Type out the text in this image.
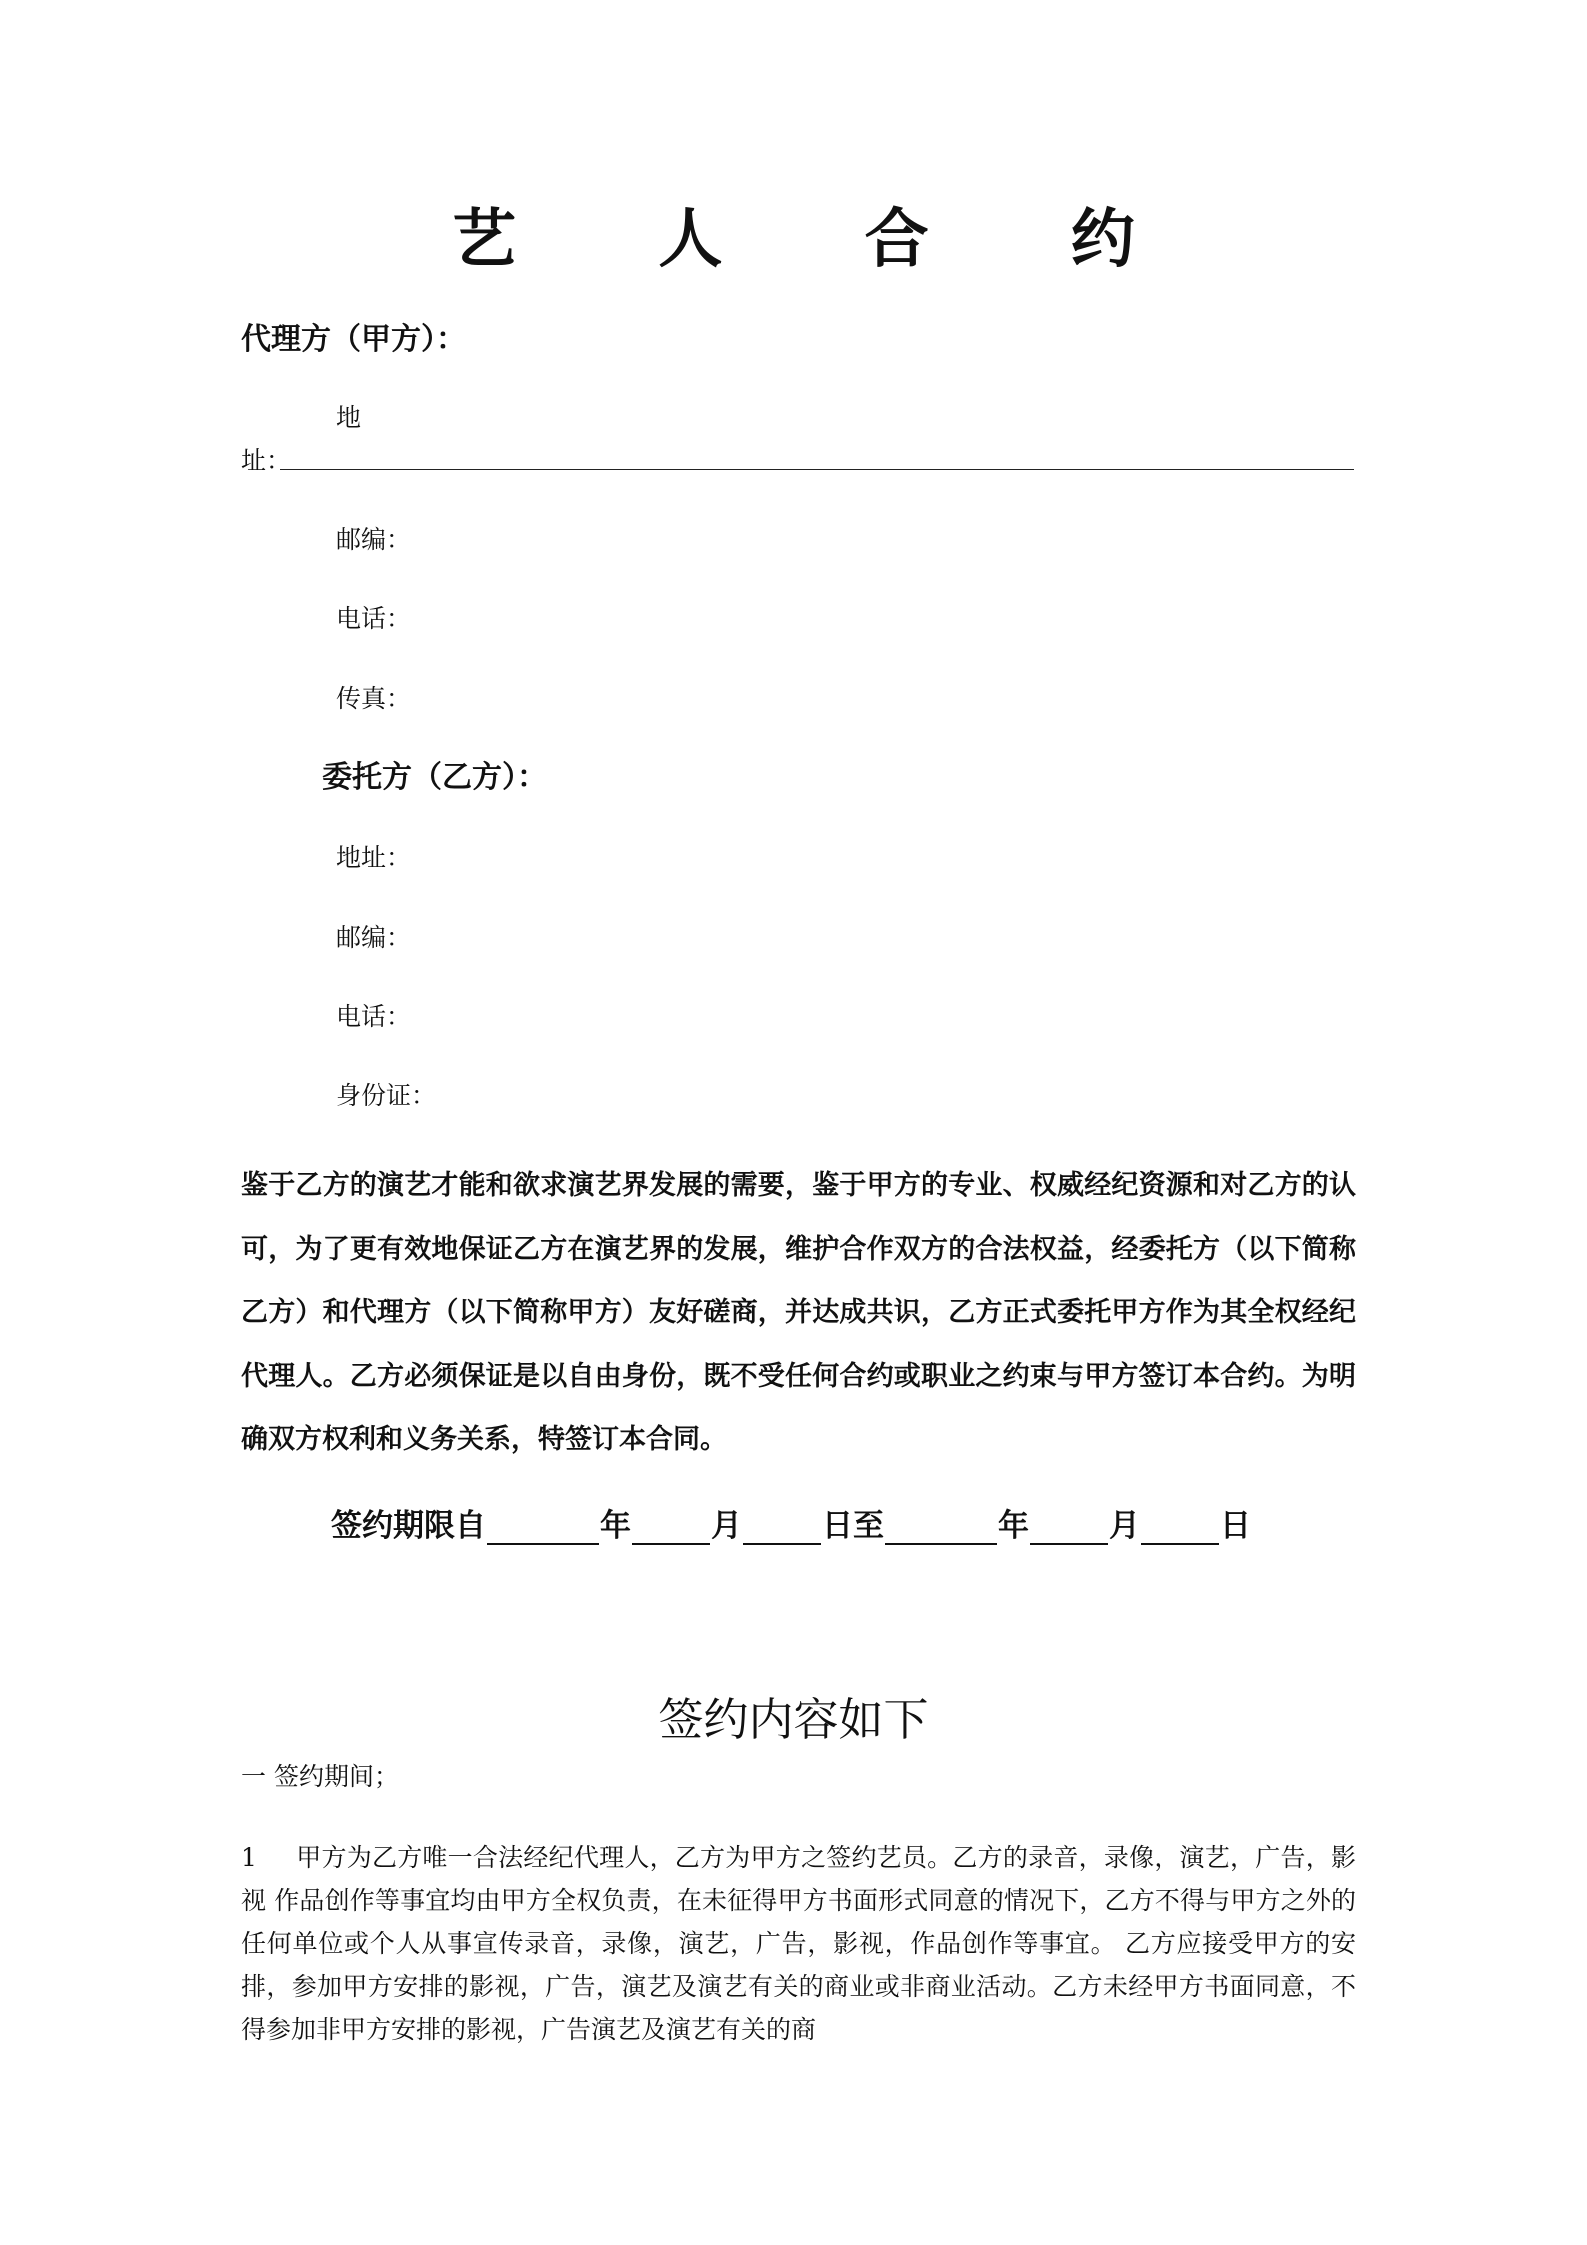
艺 人 合 约
代理方（甲方）：
地
址：
邮编：
电话：
传真：
委托方（乙方）：
地址：
邮编：
电话：
身份证：
鉴于乙方的演艺才能和欲求演艺界发展的需要，鉴于甲方的专业、权威经纪资源和对乙方的认可，为了更有效地保证乙方在演艺界的发展，维护合作双方的合法权益，经委托方（以下简称乙方）和代理方（以下简称甲方）友好磋商，并达成共识，乙方正式委托甲方作为其全权经纪代理人。乙方必须保证是以自由身份，既不受任何合约或职业之约束与甲方签订本合约。为明确双方权利和义务关系，特签订本合同。
签约期限自	年	月	日至	年	月	日
签约内容如下
一 签约期间；
1 甲方为乙方唯一合法经纪代理人，乙方为甲方之签约艺员。乙方的录音，录像，演艺，广告，影视 作品创作等事宜均由甲方全权负责，在未征得甲方书面形式同意的情况下，乙方不得与甲方之外的任何单位或个人从事宣传录音，录像，演艺，广告，影视，作品创作等事宜。 乙方应接受甲方的安排，参加甲方安排的影视，广告，演艺及演艺有关的商业或非商业活动。乙方未经甲方书面同意，不得参加非甲方安排的影视，广告演艺及演艺有关的商
